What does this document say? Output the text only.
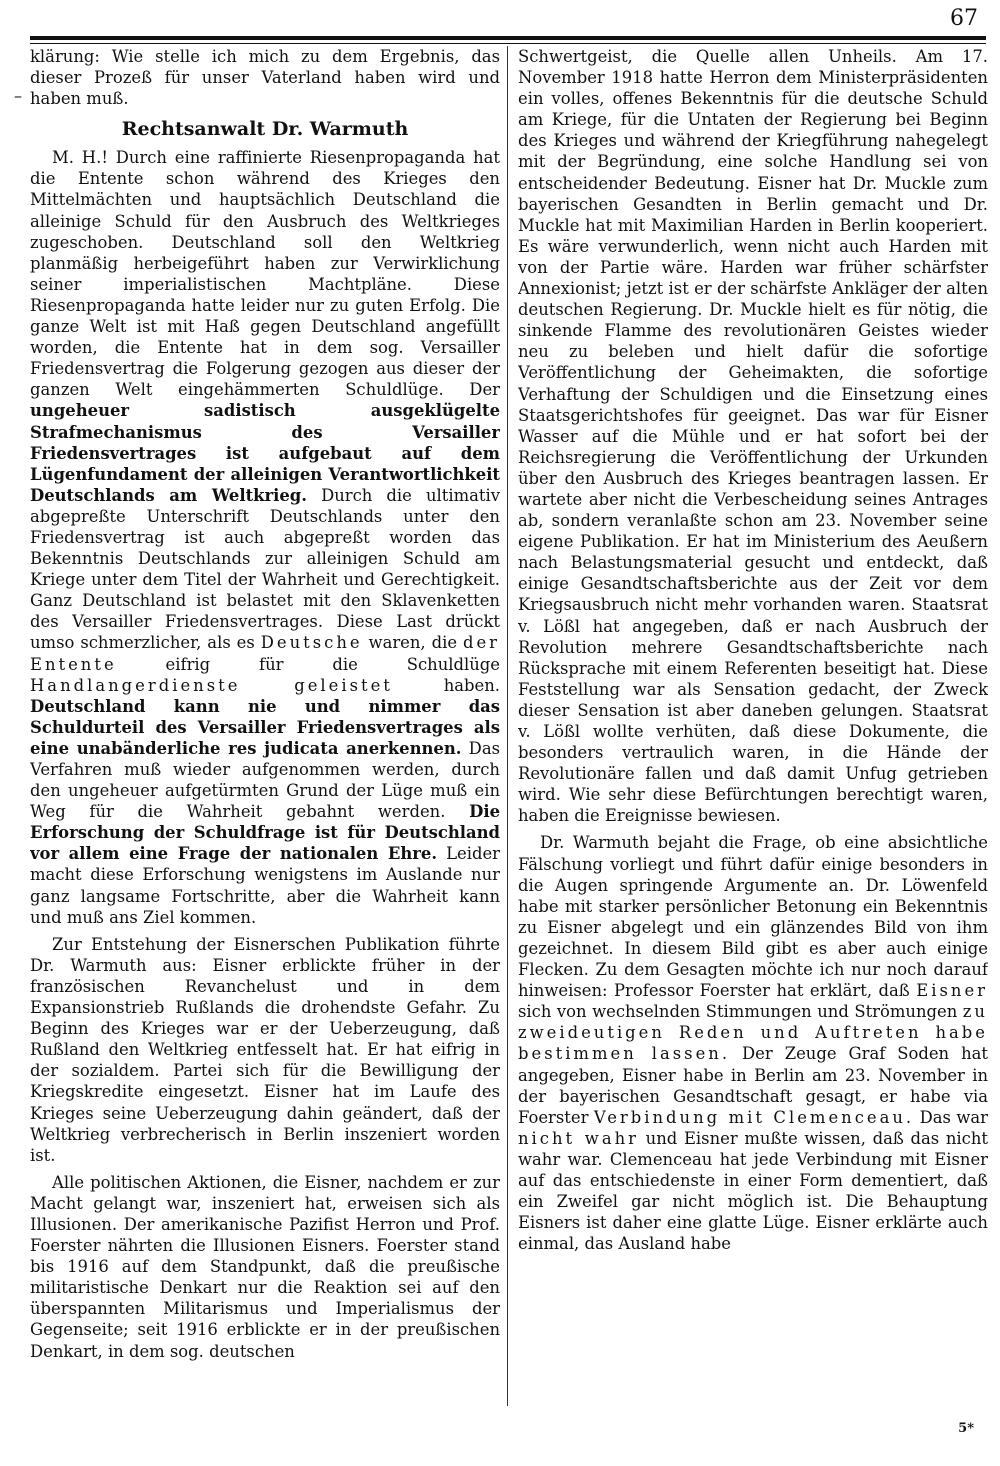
67
–

klärung: Wie stelle ich mich zu dem Ergebnis, das dieser Prozeß für unser Vaterland haben wird und haben muß.

Rechtsanwalt Dr. Warmuth

M. H.! Durch eine raffinierte Riesenpropaganda hat die Entente schon während des Krieges den Mittelmächten und hauptsächlich Deutschland die alleinige Schuld für den Ausbruch des Weltkrieges zugeschoben. Deutschland soll den Weltkrieg planmäßig herbeigeführt haben zur Verwirklichung seiner imperialistischen Machtpläne. Diese Riesenpropaganda hatte leider nur zu guten Erfolg. Die ganze Welt ist mit Haß gegen Deutschland angefüllt worden, die Entente hat in dem sog. Versailler Friedensvertrag die Folgerung gezogen aus dieser der ganzen Welt eingehämmerten Schuldlüge. Der ungeheuer sadistisch ausgeklügelte Strafmechanismus des Versailler Friedensvertrages ist aufgebaut auf dem Lügenfundament der alleinigen Verantwortlichkeit Deutschlands am Weltkrieg. Durch die ultimativ abgepreßte Unterschrift Deutschlands unter den Friedensvertrag ist auch abgepreßt worden das Bekenntnis Deutschlands zur alleinigen Schuld am Kriege unter dem Titel der Wahrheit und Gerechtigkeit. Ganz Deutschland ist belastet mit den Sklavenketten des Versailler Friedensvertrages. Diese Last drückt umso schmerzlicher, als es Deutsche waren, die der Entente eifrig für die Schuldlüge Handlangerdienste geleistet haben. Deutschland kann nie und nimmer das Schuldurteil des Versailler Friedensvertrages als eine unabänderliche res judicata anerkennen. Das Verfahren muß wieder aufgenommen werden, durch den ungeheuer aufgetürmten Grund der Lüge muß ein Weg für die Wahrheit gebahnt werden. Die Erforschung der Schuldfrage ist für Deutschland vor allem eine Frage der nationalen Ehre. Leider macht diese Erforschung wenigstens im Auslande nur ganz langsame Fortschritte, aber die Wahrheit kann und muß ans Ziel kommen.

Zur Entstehung der Eisnerschen Publikation führte Dr. Warmuth aus: Eisner erblickte früher in der französischen Revanchelust und in dem Expansionstrieb Rußlands die drohendste Gefahr. Zu Beginn des Krieges war er der Ueberzeugung, daß Rußland den Weltkrieg entfesselt hat. Er hat eifrig in der sozialdem. Partei sich für die Bewilligung der Kriegskredite eingesetzt. Eisner hat im Laufe des Krieges seine Ueberzeugung dahin geändert, daß der Weltkrieg verbrecherisch in Berlin inszeniert worden ist.

Alle politischen Aktionen, die Eisner, nachdem er zur Macht gelangt war, inszeniert hat, erweisen sich als Illusionen. Der amerikanische Pazifist Herron und Prof. Foerster nährten die Illusionen Eisners. Foerster stand bis 1916 auf dem Standpunkt, daß die preußische militaristische Denkart nur die Reaktion sei auf den überspannten Militarismus und Imperialismus der Gegenseite; seit 1916 erblickte er in der preußischen Denkart, in dem sog. deutschen

Schwertgeist, die Quelle allen Unheils. Am 17. November 1918 hatte Herron dem Ministerpräsidenten ein volles, offenes Bekenntnis für die deutsche Schuld am Kriege, für die Untaten der Regierung bei Beginn des Krieges und während der Kriegführung nahegelegt mit der Begründung, eine solche Handlung sei von entscheidender Bedeutung. Eisner hat Dr. Muckle zum bayerischen Gesandten in Berlin gemacht und Dr. Muckle hat mit Maximilian Harden in Berlin kooperiert. Es wäre verwunderlich, wenn nicht auch Harden mit von der Partie wäre. Harden war früher schärfster Annexionist; jetzt ist er der schärfste Ankläger der alten deutschen Regierung. Dr. Muckle hielt es für nötig, die sinkende Flamme des revolutionären Geistes wieder neu zu beleben und hielt dafür die sofortige Veröffentlichung der Geheimakten, die sofortige Verhaftung der Schuldigen und die Einsetzung eines Staatsgerichtshofes für geeignet. Das war für Eisner Wasser auf die Mühle und er hat sofort bei der Reichsregierung die Veröffentlichung der Urkunden über den Ausbruch des Krieges beantragen lassen. Er wartete aber nicht die Verbescheidung seines Antrages ab, sondern veranlaßte schon am 23. November seine eigene Publikation. Er hat im Ministerium des Aeußern nach Belastungsmaterial gesucht und entdeckt, daß einige Gesandtschaftsberichte aus der Zeit vor dem Kriegsausbruch nicht mehr vorhanden waren. Staatsrat v. Lößl hat angegeben, daß er nach Ausbruch der Revolution mehrere Gesandtschaftsberichte nach Rücksprache mit einem Referenten beseitigt hat. Diese Feststellung war als Sensation gedacht, der Zweck dieser Sensation ist aber daneben gelungen. Staatsrat v. Lößl wollte verhüten, daß diese Dokumente, die besonders vertraulich waren, in die Hände der Revolutionäre fallen und daß damit Unfug getrieben wird. Wie sehr diese Befürchtungen berechtigt waren, haben die Ereignisse bewiesen.

Dr. Warmuth bejaht die Frage, ob eine absichtliche Fälschung vorliegt und führt dafür einige besonders in die Augen springende Argumente an. Dr. Löwenfeld habe mit starker persönlicher Betonung ein Bekenntnis zu Eisner abgelegt und ein glänzendes Bild von ihm gezeichnet. In diesem Bild gibt es aber auch einige Flecken. Zu dem Gesagten möchte ich nur noch darauf hinweisen: Professor Foerster hat erklärt, daß Eisner sich von wechselnden Stimmungen und Strömungen zu zweideutigen Reden und Auftreten habe bestimmen lassen. Der Zeuge Graf Soden hat angegeben, Eisner habe in Berlin am 23. November in der bayerischen Gesandtschaft gesagt, er habe via Foerster Verbindung mit Clemenceau. Das war nicht wahr und Eisner mußte wissen, daß das nicht wahr war. Clemenceau hat jede Verbindung mit Eisner auf das entschiedenste in einer Form dementiert, daß ein Zweifel gar nicht möglich ist. Die Behauptung Eisners ist daher eine glatte Lüge. Eisner erklärte auch einmal, das Ausland habe

5*
